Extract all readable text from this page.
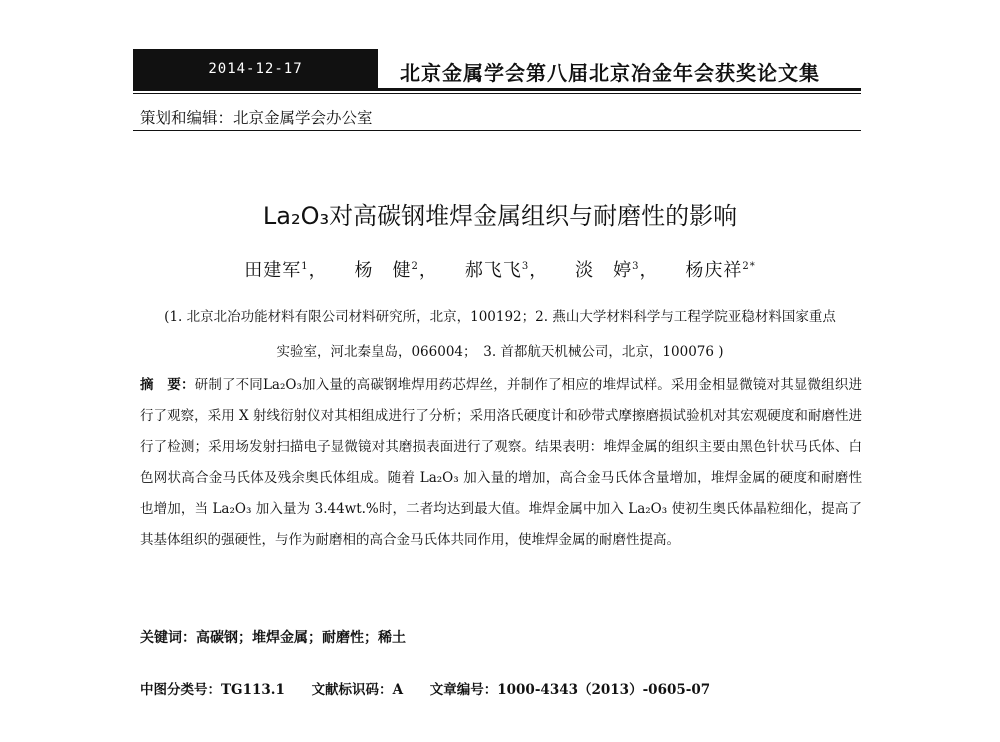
2014-12-17	北京金属学会第八届北京冶金年会获奖论文集
策划和编辑：北京金属学会办公室
La₂O₃对高碳钢堆焊金属组织与耐磨性的影响
田建军$^1$，    杨　健$^2$，    郝飞飞$^3$，    淡　婷$^3$，    杨庆祥$^{2*}$
(1. 北京北冶功能材料有限公司材料研究所，北京，100192；2. 燕山大学材料科学与工程学院亚稳材料国家重点
实验室，河北秦皇岛，066004；　3. 首都航天机械公司，北京，100076 )
摘　要：研制了不同La₂O₃加入量的高碳钢堆焊用药芯焊丝，并制作了相应的堆焊试样。采用金相显微镜对其显微组织进行了观察，采用 X 射线衍射仪对其相组成进行了分析；采用洛氏硬度计和砂带式摩擦磨损试验机对其宏观硬度和耐磨性进行了检测；采用场发射扫描电子显微镜对其磨损表面进行了观察。结果表明：堆焊金属的组织主要由黑色针状马氏体、白色网状高合金马氏体及残余奥氏体组成。随着 La₂O₃ 加入量的增加，高合金马氏体含量增加，堆焊金属的硬度和耐磨性也增加，当 La₂O₃ 加入量为 3.44wt.%时，二者均达到最大值。堆焊金属中加入 La₂O₃ 使初生奥氏体晶粒细化，提高了其基体组织的强硬性，与作为耐磨相的高合金马氏体共同作用，使堆焊金属的耐磨性提高。
关键词：高碳钢；堆焊金属；耐磨性；稀土
中图分类号：TG113.1 文献标识码：A 文章编号：1000-4343（2013）-0605-07
